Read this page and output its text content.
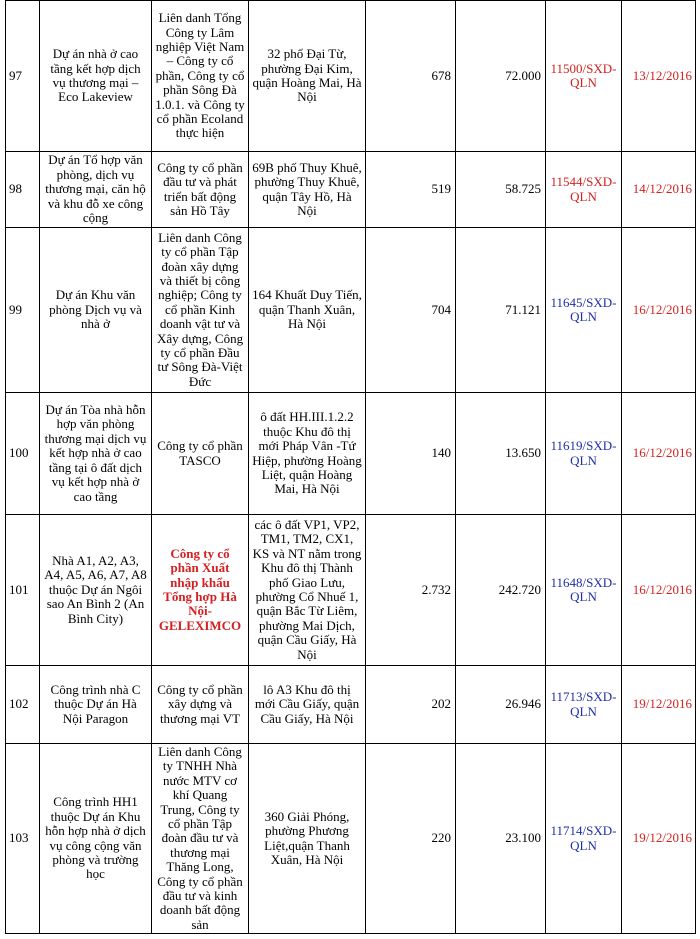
97	Dự án nhà ở cao tầng kết hợp dịch vụ thương mại – Eco Lakeview	Liên danh Tổng Công ty Lâm nghiệp Việt Nam – Công ty cổ phần, Công ty cổ phần Sông Đà 1.0.1. và Công ty cổ phần Ecoland thực hiện	32 phố Đại Từ, phường Đại Kim, quận Hoàng Mai, Hà Nội	678	72.000	11500/SXD-QLN	13/12/2016
98	Dự án Tổ hợp văn phòng, dịch vụ thương mại, căn hộ và khu đỗ xe công cộng	Công ty cổ phần đầu tư và phát triển bất động sản Hồ Tây	69B phố Thuy Khuê, phường Thuy Khuê, quận Tây Hồ, Hà Nội	519	58.725	11544/SXD-QLN	14/12/2016
99	Dự án Khu văn phòng Dịch vụ và nhà ở	Liên danh Công ty cổ phần Tập đoàn xây dựng và thiết bị công nghiệp; Công ty cổ phần Kinh doanh vật tư và Xây dựng, Công ty cổ phần Đầu tư Sông Đà-Việt Đức	164 Khuất Duy Tiến, quận Thanh Xuân, Hà Nội	704	71.121	11645/SXD-QLN	16/12/2016
100	Dự án Tòa nhà hỗn hợp văn phòng thương mại dịch vụ kết hợp nhà ở cao tầng tại ô đất dịch vụ kết hợp nhà ở cao tầng	Công ty cổ phần TASCO	ô đất HH.III.1.2.2 thuộc Khu đô thị mới Pháp Vân -Tứ Hiệp, phường Hoàng Liệt, quận Hoàng Mai, Hà Nội	140	13.650	11619/SXD-QLN	16/12/2016
101	Nhà A1, A2, A3, A4, A5, A6, A7, A8 thuộc Dự án Ngôi sao An Bình 2 (An Bình City)	Công ty cổ phần Xuất nhập khẩu Tổng hợp Hà Nội-GELEXIMCO	các ô đất VP1, VP2, TM1, TM2, CX1, KS và NT nằm trong Khu đô thị Thành phố Giao Lưu, phường Cổ Nhuế 1, quận Bắc Từ Liêm, phường Mai Dịch, quận Cầu Giấy, Hà Nội	2.732	242.720	11648/SXD-QLN	16/12/2016
102	Công trình nhà C thuộc Dự án Hà Nội Paragon	Công ty cổ phần xây dựng và thương mại VT	lô A3 Khu đô thị mới Cầu Giấy, quận Cầu Giấy, Hà Nội	202	26.946	11713/SXD-QLN	19/12/2016
103	Công trình HH1 thuộc Dự án Khu hỗn hợp nhà ở dịch vụ công cộng văn phòng và trường học	Liên danh Công ty TNHH Nhà nước MTV cơ khí Quang Trung, Công ty cổ phần Tập đoàn đầu tư và thương mại Thăng Long, Công ty cổ phần đầu tư và kinh doanh bất động sản	360 Giải Phóng, phường Phương Liệt,quận Thanh Xuân, Hà Nội	220	23.100	11714/SXD-QLN	19/12/2016
